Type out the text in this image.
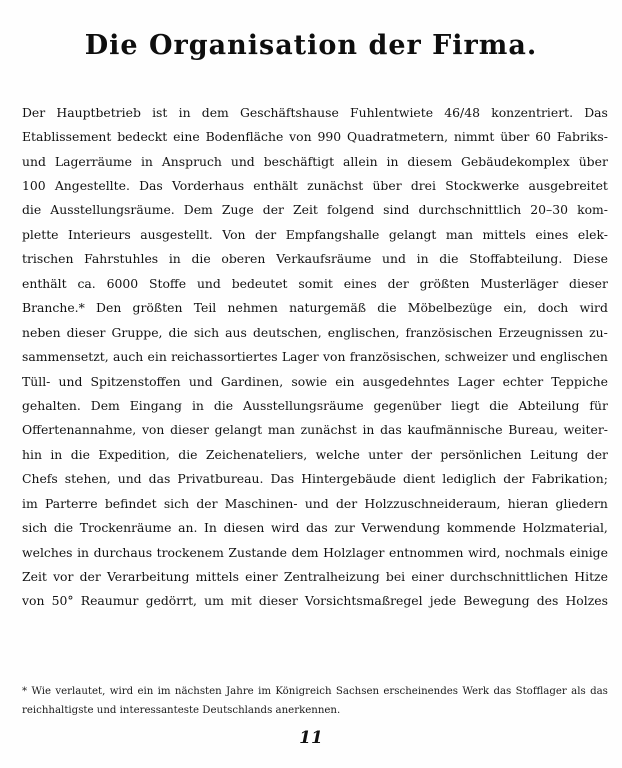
Die Organisation der Firma.
Der Hauptbetrieb ist in dem Geschäftshause Fuhlentwiete 46/48 konzentriert. Das
Etablissement bedeckt eine Bodenfläche von 990 Quadratmetern, nimmt über 60 Fabriks-
und Lagerräume in Anspruch und beschäftigt allein in diesem Gebäudekomplex über
100 Angestellte. Das Vorderhaus enthält zunächst über drei Stockwerke ausgebreitet
die Ausstellungsräume. Dem Zuge der Zeit folgend sind durchschnittlich 20–30 kom-
plette Interieurs ausgestellt. Von der Empfangshalle gelangt man mittels eines elek-
trischen Fahrstuhles in die oberen Verkaufsräume und in die Stoffabteilung. Diese
enthält ca. 6000 Stoffe und bedeutet somit eines der größten Musterläger dieser
Branche.* Den größten Teil nehmen naturgemäß die Möbelbezüge ein, doch wird
neben dieser Gruppe, die sich aus deutschen, englischen, französischen Erzeugnissen zu-
sammensetzt, auch ein reichassortiertes Lager von französischen, schweizer und englischen
Tüll- und Spitzenstoffen und Gardinen, sowie ein ausgedehntes Lager echter Teppiche
gehalten. Dem Eingang in die Ausstellungsräume gegenüber liegt die Abteilung für
Offertenannahme, von dieser gelangt man zunächst in das kaufmännische Bureau, weiter-
hin in die Expedition, die Zeichenateliers, welche unter der persönlichen Leitung der
Chefs stehen, und das Privatbureau. Das Hintergebäude dient lediglich der Fabrikation;
im Parterre befindet sich der Maschinen- und der Holzzuschneideraum, hieran gliedern
sich die Trockenräume an. In diesen wird das zur Verwendung kommende Holzmaterial,
welches in durchaus trockenem Zustande dem Holzlager entnommen wird, nochmals einige
Zeit vor der Verarbeitung mittels einer Zentralheizung bei einer durchschnittlichen Hitze
von 50° Reaumur gedörrt, um mit dieser Vorsichtsmaßregel jede Bewegung des Holzes
* Wie verlautet, wird ein im nächsten Jahre im Königreich Sachsen erscheinendes Werk das Stofflager als das
reichhaltigste und interessanteste Deutschlands anerkennen.
11
